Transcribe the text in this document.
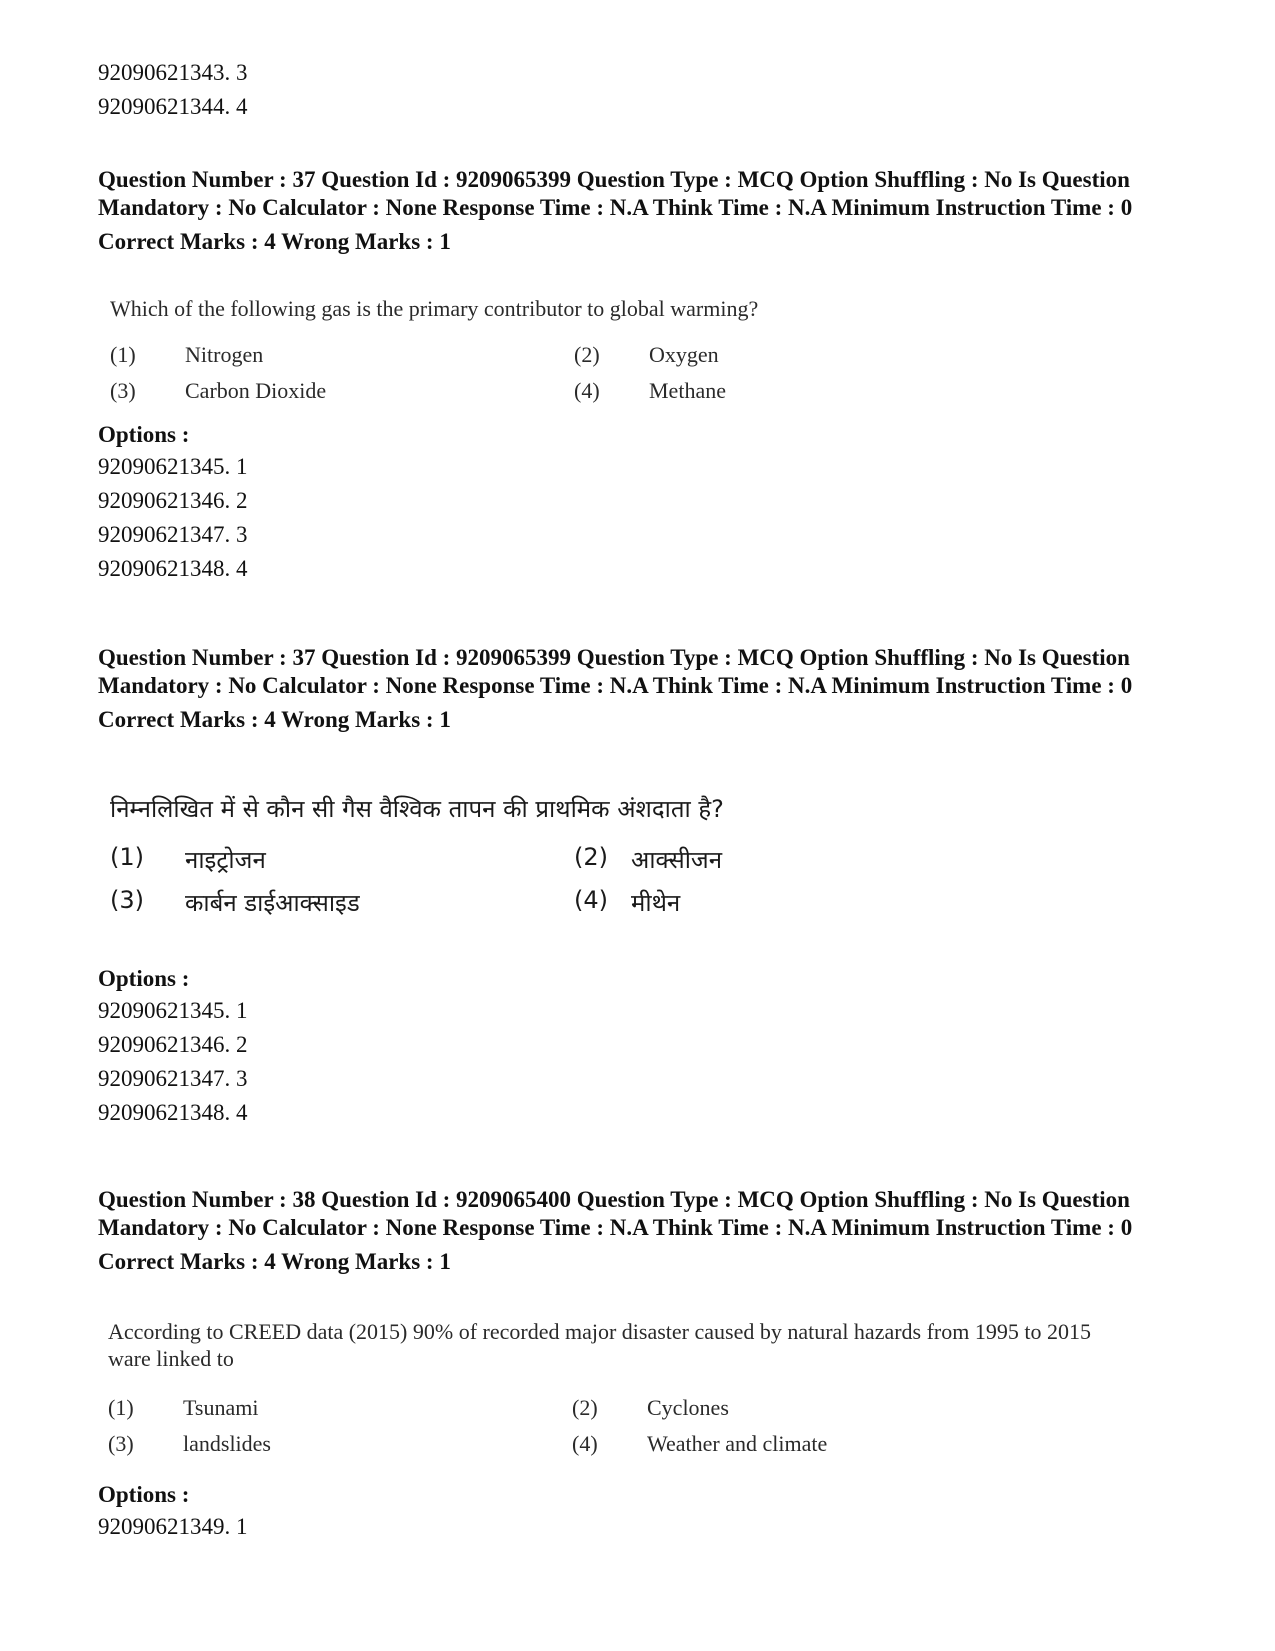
92090621343. 3
92090621344. 4
Question Number : 37 Question Id : 9209065399 Question Type : MCQ Option Shuffling : No Is Question Mandatory : No Calculator : None Response Time : N.A Think Time : N.A Minimum Instruction Time : 0
Correct Marks : 4 Wrong Marks : 1
Which of the following gas is the primary contributor to global warming?
(1) Nitrogen	(2) Oxygen
(3) Carbon Dioxide	(4) Methane
Options :
92090621345. 1
92090621346. 2
92090621347. 3
92090621348. 4
Question Number : 37 Question Id : 9209065399 Question Type : MCQ Option Shuffling : No Is Question Mandatory : No Calculator : None Response Time : N.A Think Time : N.A Minimum Instruction Time : 0
Correct Marks : 4 Wrong Marks : 1
निम्नलिखित में से कौन सी गैस वैश्विक तापन की प्राथमिक अंशदाता है?
(1) नाइट्रोजन	(2) आक्सीजन
(3) कार्बन डाईआक्साइड	(4) मीथेन
Options :
92090621345. 1
92090621346. 2
92090621347. 3
92090621348. 4
Question Number : 38 Question Id : 9209065400 Question Type : MCQ Option Shuffling : No Is Question Mandatory : No Calculator : None Response Time : N.A Think Time : N.A Minimum Instruction Time : 0
Correct Marks : 4 Wrong Marks : 1
According to CREED data (2015) 90% of recorded major disaster caused by natural hazards from 1995 to 2015 ware linked to
(1) Tsunami	(2) Cyclones
(3) landslides	(4) Weather and climate
Options :
92090621349. 1
